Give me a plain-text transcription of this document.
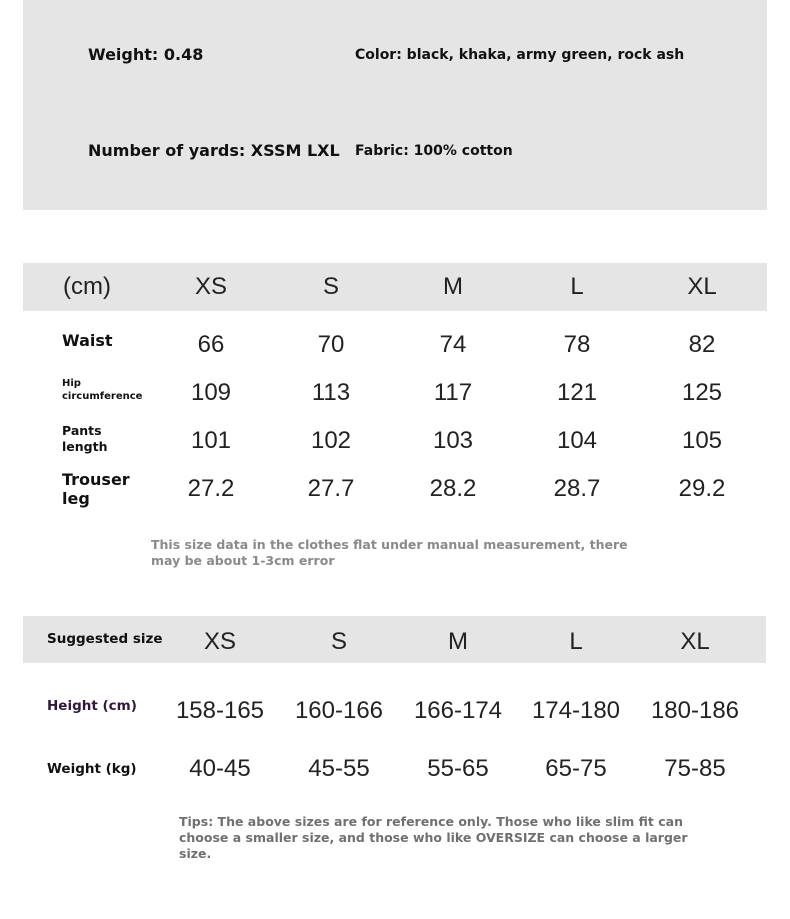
Weight: 0.48	Color: black, khaka, army green, rock ash
Number of yards: XSSM LXL Fabric: 100% cotton
(cm)	XS	S	M	L	XL
Waist	66	70	74	78	82
Hip circumference	109	113	117	121	125
Pants length	101	102	103	104	105
Trouser leg	27.2	27.7	28.2	28.7	29.2
This size data in the clothes flat under manual measurement, there may be about 1-3cm error
Suggested size	XS	S	M	L	XL
Height (cm)	158-165	160-166	166-174	174-180	180-186
Weight (kg)	40-45	45-55	55-65	65-75	75-85
Tips: The above sizes are for reference only. Those who like slim fit can choose a smaller size, and those who like OVERSIZE can choose a larger size.
